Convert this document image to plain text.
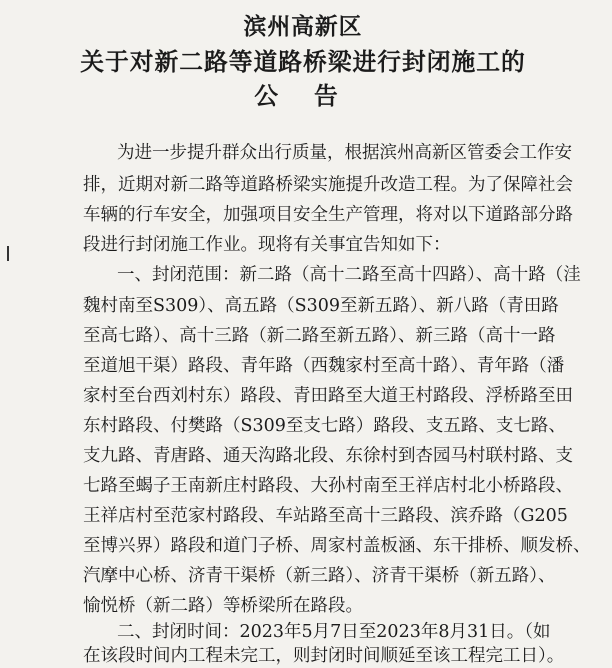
滨州高新区
关于对新二路等道路桥梁进行封闭施工的
公 告
为进一步提升群众出行质量，根据滨州高新区管委会工作安
排，近期对新二路等道路桥梁实施提升改造工程。为了保障社会
车辆的行车安全，加强项目安全生产管理，将对以下道路部分路
段进行封闭施工作业。现将有关事宜告知如下：
一、封闭范围：新二路（高十二路至高十四路）、高十路（洼
魏村南至S309）、高五路（S309至新五路）、新八路（青田路
至高七路）、高十三路（新二路至新五路）、新三路（高十一路
至道旭干渠）路段、青年路（西魏家村至高十路）、青年路（潘
家村至台西刘村东）路段、青田路至大道王村路段、浮桥路至田
东村路段、付樊路（S309至支七路）路段、支五路、支七路、
支九路、青唐路、通天沟路北段、东徐村到杏园马村联村路、支
七路至蝎子王南新庄村路段、大孙村南至王祥店村北小桥路段、
王祥店村至范家村路段、车站路至高十三路段、滨乔路（G205
至博兴界）路段和道门子桥、周家村盖板涵、东干排桥、顺发桥、
汽摩中心桥、济青干渠桥（新三路）、济青干渠桥（新五路）、
愉悦桥（新二路）等桥梁所在路段。
二、封闭时间：2023年5月7日至2023年8月31日。（如
在该段时间内工程未完工，则封闭时间顺延至该工程完工日）。
